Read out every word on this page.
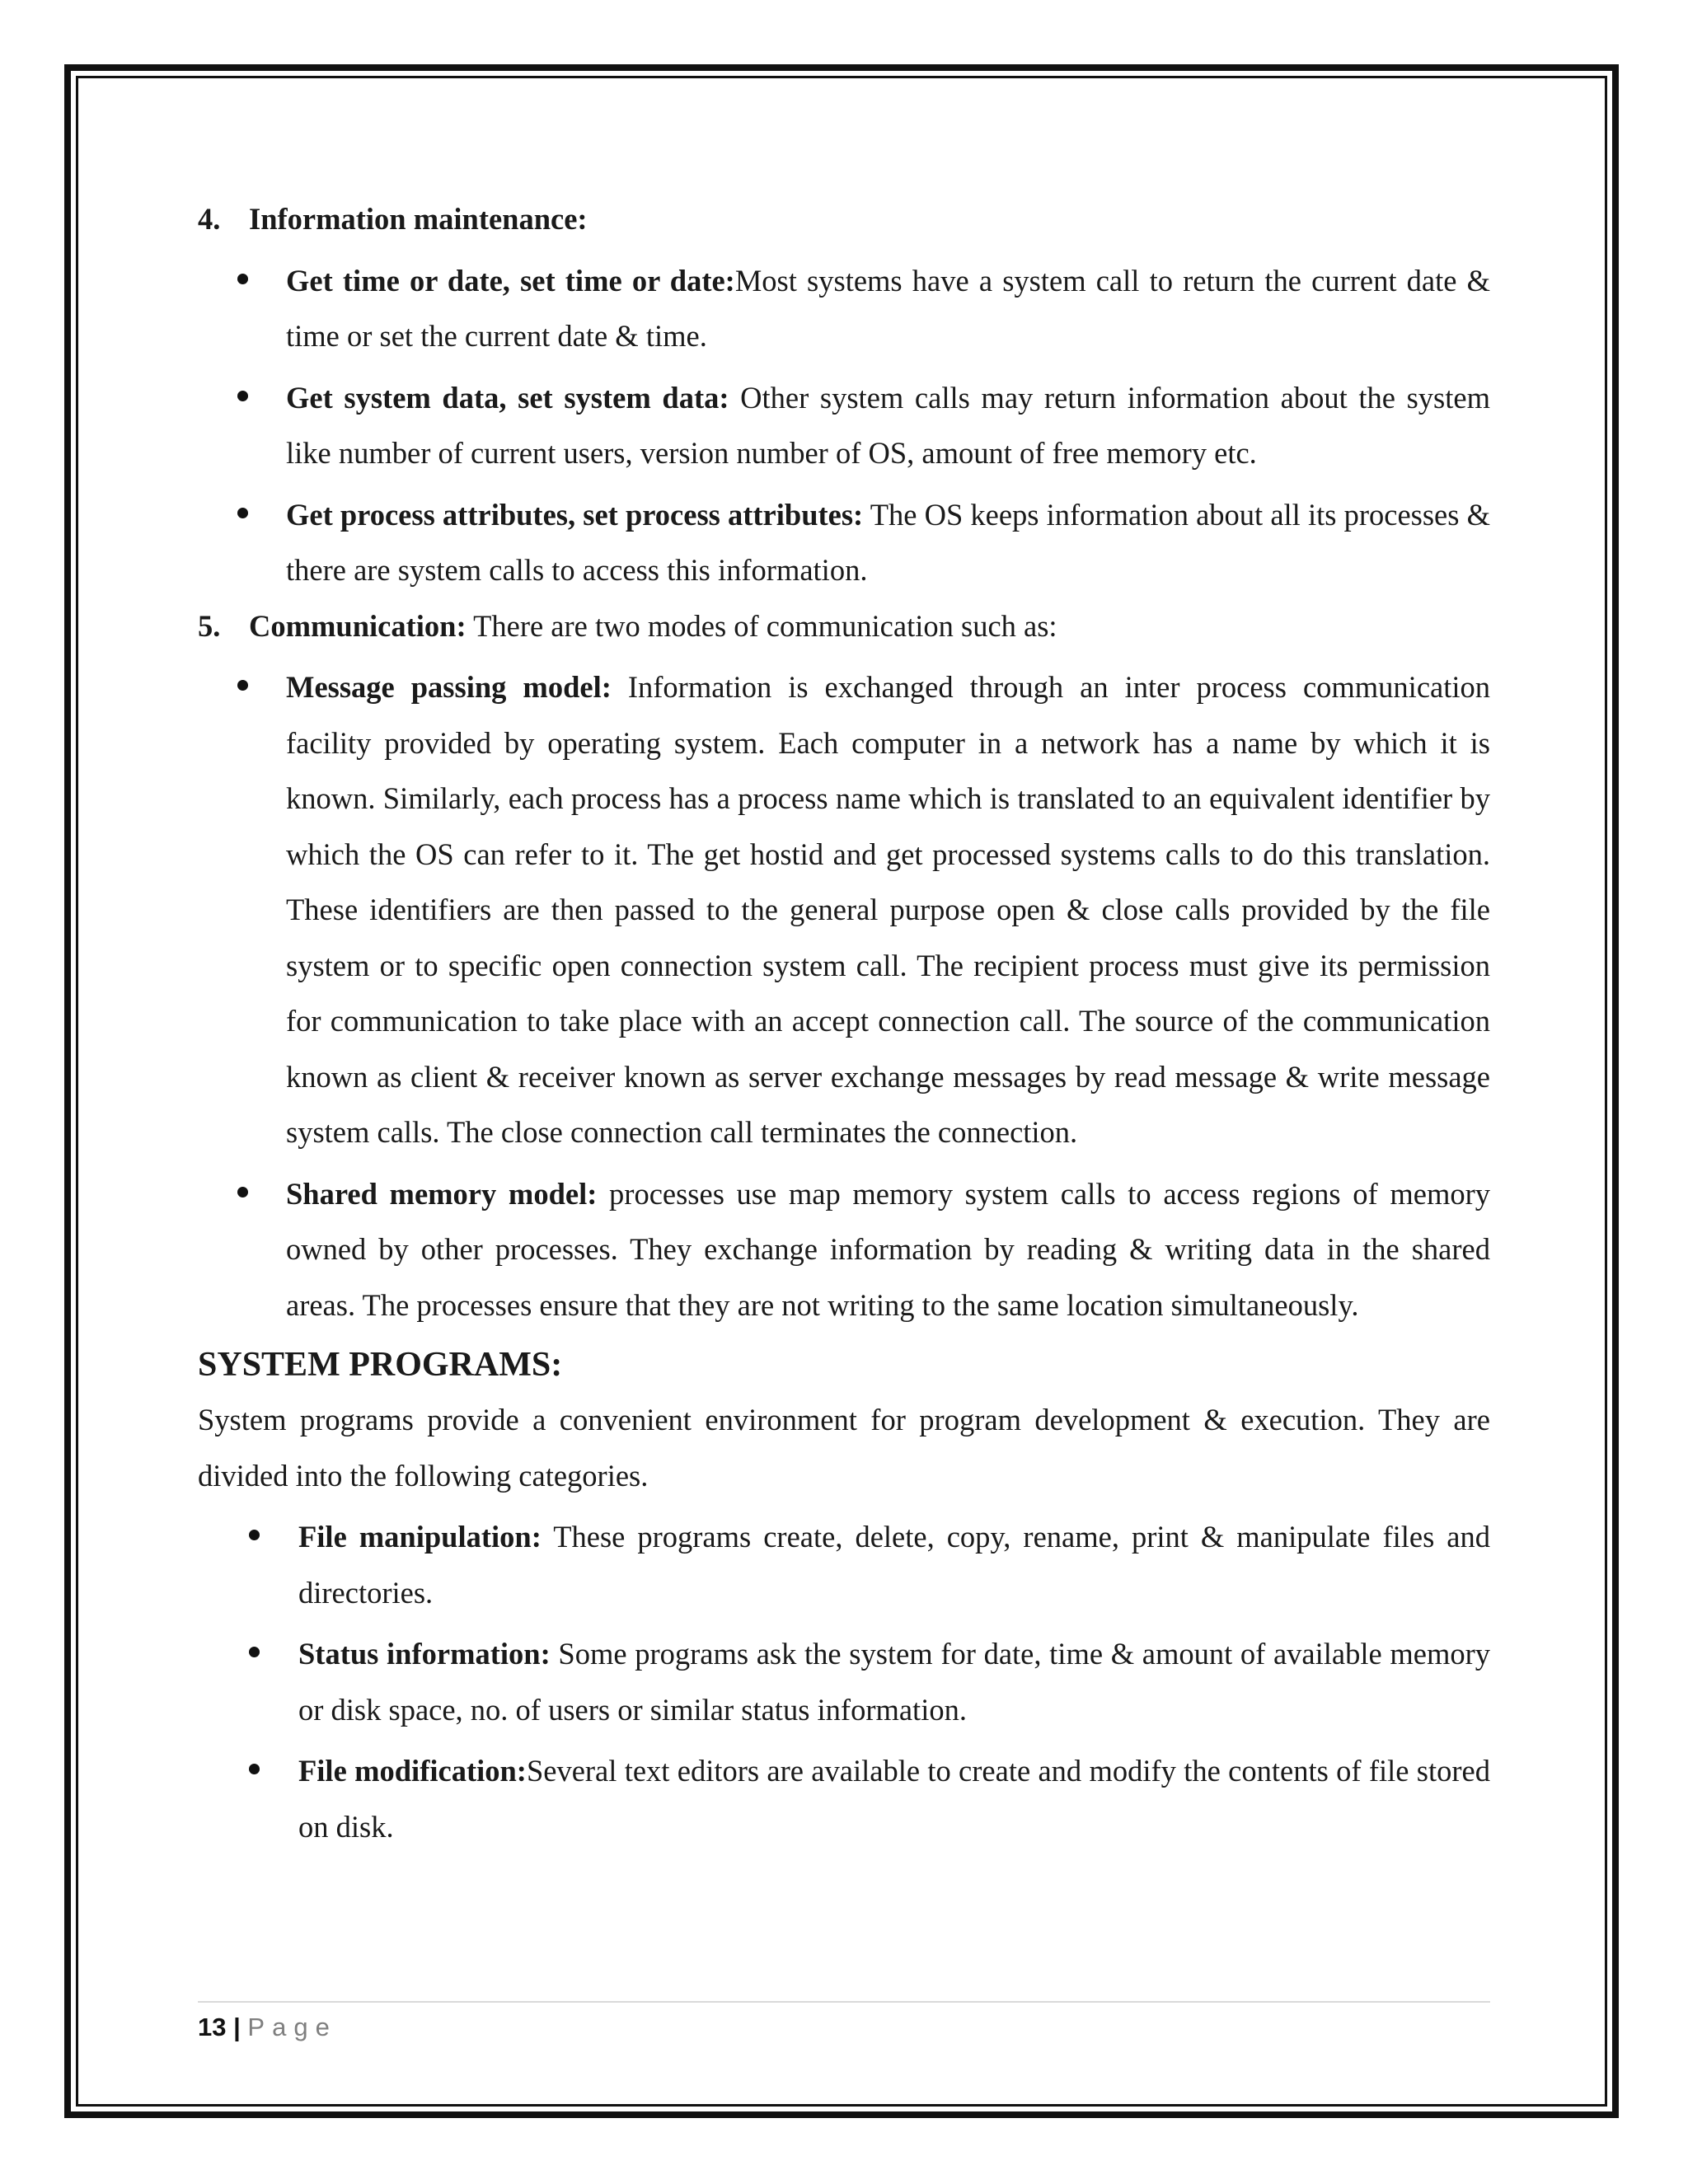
4. Information maintenance:

Get time or date, set time or date:Most systems have a system call to return the current date & time or set the current date & time.
Get system data, set system data: Other system calls may return information about the system like number of current users, version number of OS, amount of free memory etc.
Get process attributes, set process attributes: The OS keeps information about all its processes & there are system calls to access this information.

5. Communication: There are two modes of communication such as:

Message passing model: Information is exchanged through an inter process communication facility provided by operating system. Each computer in a network has a name by which it is known. Similarly, each process has a process name which is translated to an equivalent identifier by which the OS can refer to it. The get hostid and get processed systems calls to do this translation. These identifiers are then passed to the general purpose open & close calls provided by the file system or to specific open connection system call. The recipient process must give its permission for communication to take place with an accept connection call. The source of the communication known as client & receiver known as server exchange messages by read message & write message system calls. The close connection call terminates the connection.
Shared memory model: processes use map memory system calls to access regions of memory owned by other processes. They exchange information by reading & writing data in the shared areas. The processes ensure that they are not writing to the same location simultaneously.
SYSTEM PROGRAMS:

System programs provide a convenient environment for program development & execution. They are divided into the following categories.

File manipulation: These programs create, delete, copy, rename, print & manipulate files and directories.
Status information: Some programs ask the system for date, time & amount of available memory or disk space, no. of users or similar status information.
File modification:Several text editors are available to create and modify the contents of file stored on disk.
13 | Page
